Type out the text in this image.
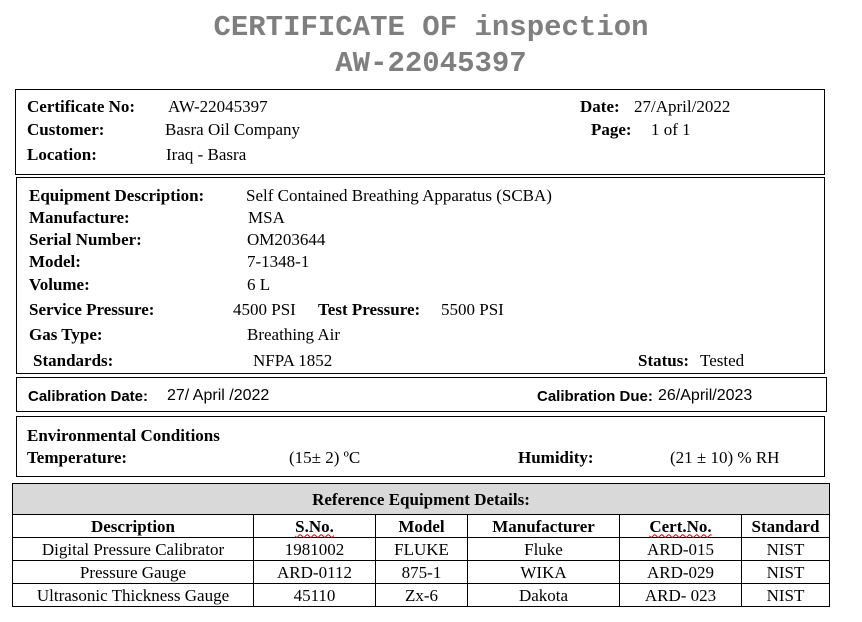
CERTIFICATE OF inspection
AW-22045397
Certificate No: AW-22045397	Date: 27/April/2022
Customer:	Basra Oil Company	Page: 1 of 1
Location:	Iraq - Basra
Equipment Description: Self Contained Breathing Apparatus (SCBA)
Manufacture:	MSA
Serial Number:	OM203644
Model:	7-1348-1
Volume:	6 L
Service Pressure:	4500 PSI Test Pressure: 5500 PSI
Gas Type:	Breathing Air
Standards:	NFPA 1852	Status: Tested
Calibration Date: 27/ April /2022	Calibration Due: 26/April/2023
Environmental Conditions
Temperature:	(15± 2) ºC	Humidity:	(21 ± 10) % RH
Reference Equipment Details:					
Description	S.No.	Model	Manufacturer	Cert.No.	Standard
Digital Pressure Calibrator	1981002	FLUKE	Fluke	ARD-015	NIST
Pressure Gauge	ARD-0112	875-1	WIKA	ARD-029	NIST
Ultrasonic Thickness Gauge	45110	Zx-6	Dakota	ARD- 023	NIST
